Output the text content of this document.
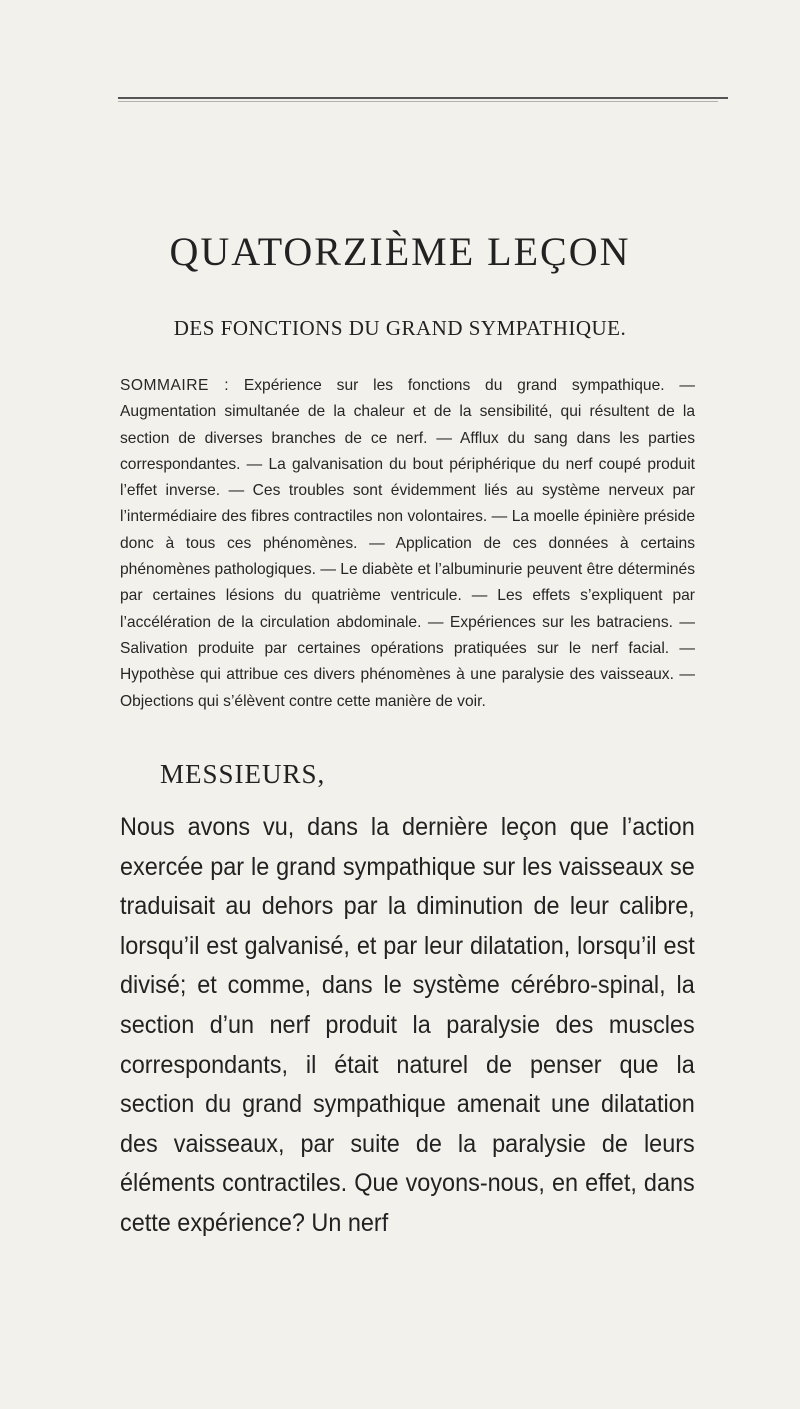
QUATORZIÈME LEÇON
DES FONCTIONS DU GRAND SYMPATHIQUE.
SOMMAIRE : Expérience sur les fonctions du grand sympathique. — Augmentation simultanée de la chaleur et de la sensibilité, qui résultent de la section de diverses branches de ce nerf. — Afflux du sang dans les parties correspondantes. — La galvanisation du bout périphérique du nerf coupé produit l’effet inverse. — Ces troubles sont évidemment liés au système nerveux par l’intermédiaire des fibres contractiles non volontaires. — La moelle épinière préside donc à tous ces phénomènes. — Application de ces données à certains phénomènes pathologiques. — Le diabète et l’albuminurie peuvent être déterminés par certaines lésions du quatrième ventricule. — Les effets s’expliquent par l’accélération de la circulation abdominale. — Expériences sur les batraciens. — Salivation produite par certaines opérations pratiquées sur le nerf facial. — Hypothèse qui attribue ces divers phénomènes à une paralysie des vaisseaux. — Objections qui s’élèvent contre cette manière de voir.
MESSIEURS,
Nous avons vu, dans la dernière leçon que l’action exercée par le grand sympathique sur les vaisseaux se traduisait au dehors par la diminution de leur calibre, lorsqu’il est galvanisé, et par leur dilatation, lorsqu’il est divisé; et comme, dans le système cérébro-spinal, la section d’un nerf produit la paralysie des muscles correspondants, il était naturel de penser que la section du grand sympathique amenait une dilatation des vaisseaux, par suite de la paralysie de leurs éléments contractiles. Que voyons-nous, en effet, dans cette expérience? Un nerf
